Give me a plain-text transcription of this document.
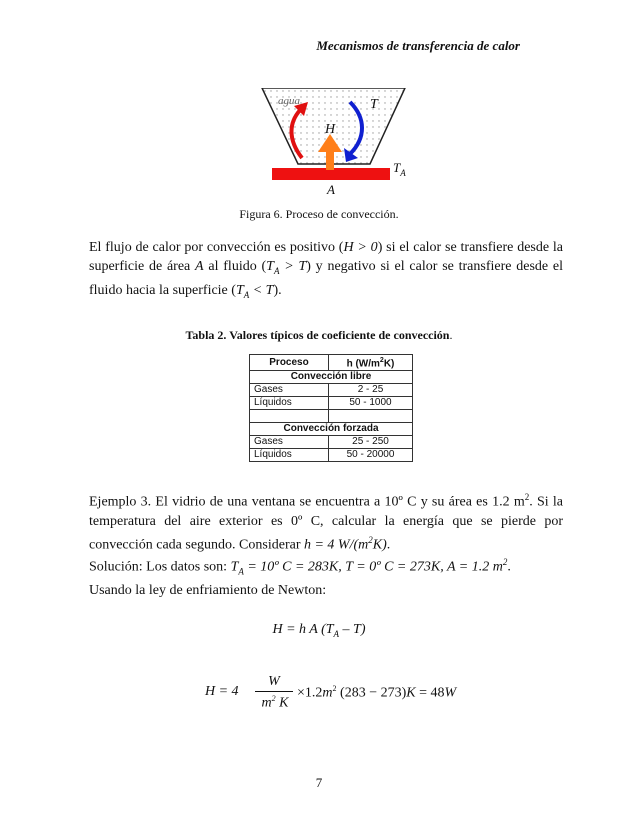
Mecanismos de transferencia de calor
agua	T
H
$T_A$
A
Figura 6. Proceso de convección.
El flujo de calor por convección es positivo (H > 0) si el calor se transfiere desde la superficie de área A al fluido $(T_A > T)$ y negativo si el calor se transfiere desde el fluido hacia la superficie $(T_A < T)$.
Tabla 2. Valores típicos de coeficiente de convección.
Proceso	h $(W/m^2K)$
Convección libre	
Gases	2 - 25
Líquidos	50 - 1000

Convección forzada	
Gases	25 - 250
Líquidos	50 - 20000
Ejemplo 3. El vidrio de una ventana se encuentra a 10º C y su área es 1.2 $m^2$. Si la temperatura del aire exterior es 0º C, calcular la energía que se pierde por convección cada segundo. Considerar h = 4 $W/(m^2K)$.
Solución: Los datos son: $T_A$ = 10º C = 283K, T = 0º C = 273K, A = 1.2 $m^2$.
Usando la ley de enfriamiento de Newton:
H = h A $(T_A - T)$
H = 4
W
$m^2$ K
$\times 1.2m^2$ (283 − 273)K = 48W
7
